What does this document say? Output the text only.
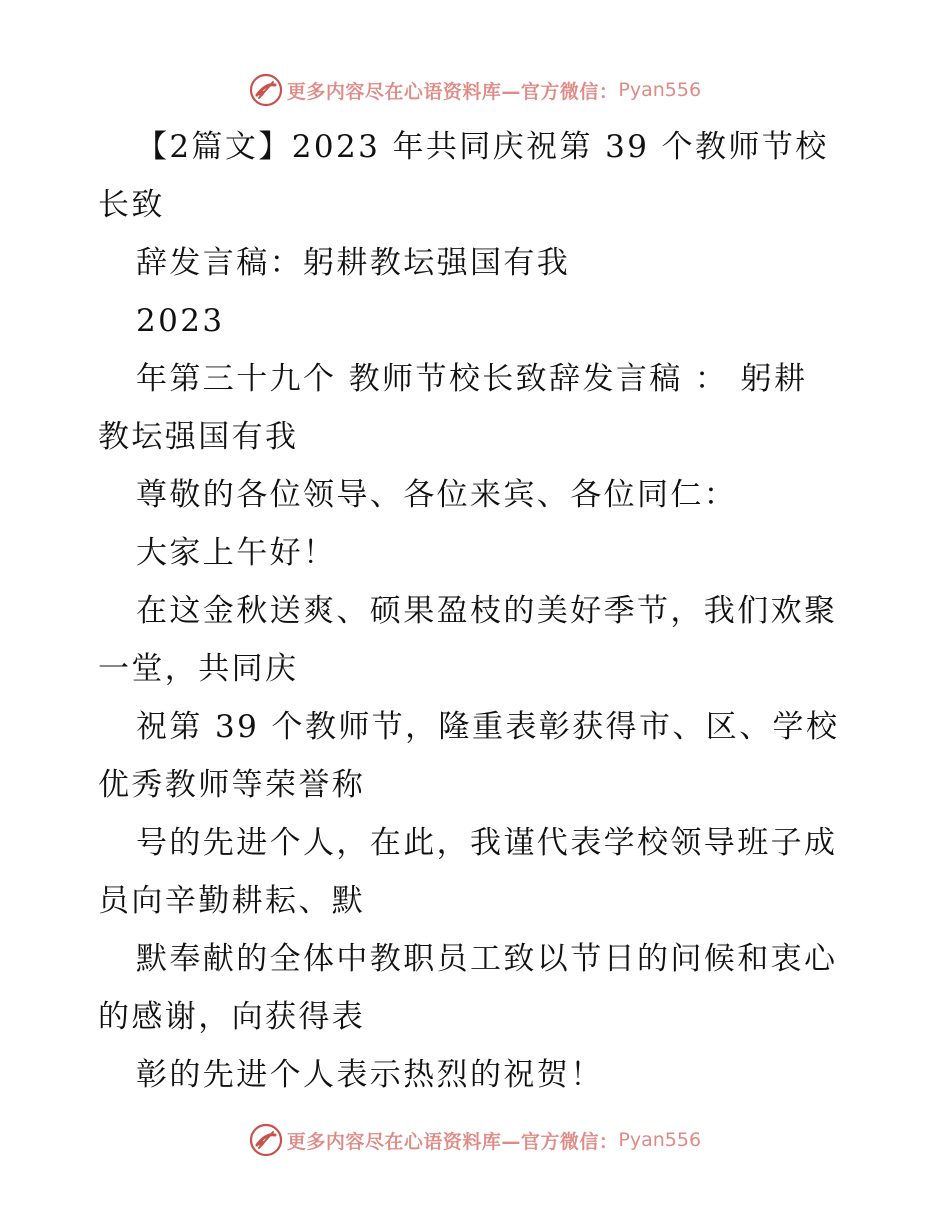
更多内容尽在心语资料库—官方微信： Pyan556
【2篇文】2023 年共同庆祝第 39 个教师节校
长致
辞发言稿：躬耕教坛强国有我
2023
年第三十九个 教师节校长致辞发言稿 ： 躬耕
教坛强国有我
尊敬的各位领导、各位来宾、各位同仁：
大家上午好！
在这金秋送爽、硕果盈枝的美好季节，我们欢聚
一堂，共同庆
祝第 39 个教师节，隆重表彰获得市、区、学校
优秀教师等荣誉称
号的先进个人，在此，我谨代表学校领导班子成
员向辛勤耕耘、默
默奉献的全体中教职员工致以节日的问候和衷心
的感谢，向获得表
彰的先进个人表示热烈的祝贺！
更多内容尽在心语资料库—官方微信： Pyan556
